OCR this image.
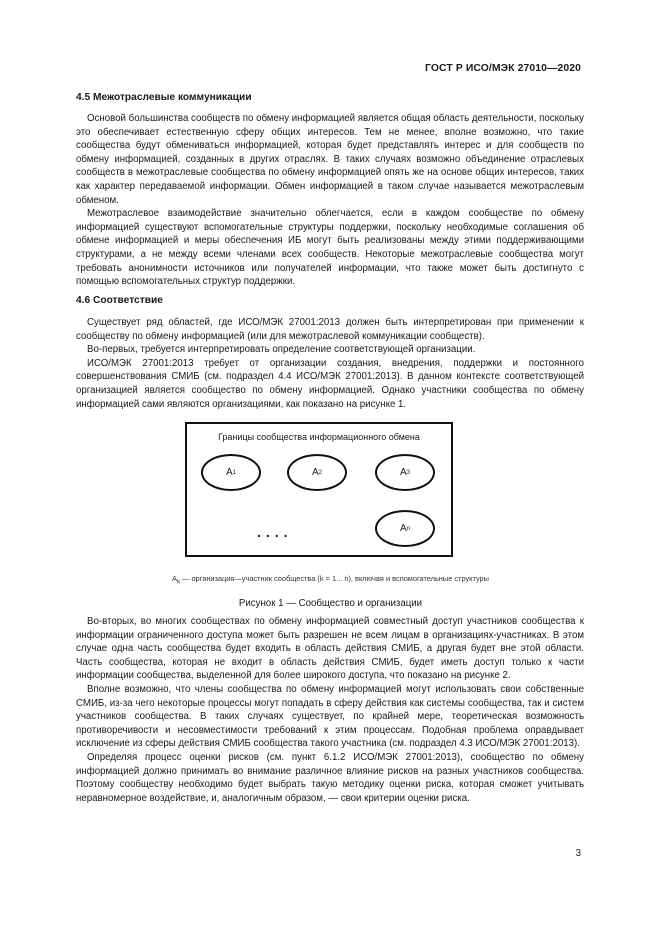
ГОСТ Р ИСО/МЭК 27010—2020
4.5 Межотраслевые коммуникации

Основой большинства сообществ по обмену информацией является общая область деятельности, поскольку это обеспечивает естественную сферу общих интересов. Тем не менее, вполне возможно, что такие сообщества будут обмениваться информацией, которая будет представлять интерес и для сообществ по обмену информацией, созданных в других отраслях. В таких случаях возможно объединение отраслевых сообществ в межотраслевые сообщества по обмену информацией опять же на основе общих интересов, таких как характер передаваемой информации. Обмен информацией в таком случае называется межотраслевым обменом.

Межотраслевое взаимодействие значительно облегчается, если в каждом сообществе по обмену информацией существуют вспомогательные структуры поддержки, поскольку необходимые соглашения об обмене информацией и меры обеспечения ИБ могут быть реализованы между этими поддерживающими структурами, а не между всеми членами всех сообществ. Некоторые межотраслевые сообщества могут требовать анонимности источников или получателей информации, что также может быть достигнуто с помощью вспомогательных структур поддержки.

4.6 Соответствие

Существует ряд областей, где ИСО/МЭК 27001:2013 должен быть интерпретирован при применении к сообществу по обмену информацией (или для межотраслевой коммуникации сообществ).

Во-первых, требуется интерпретировать определение соответствующей организации.

ИСО/МЭК 27001:2013 требует от организации создания, внедрения, поддержки и постоянного совершенствования СМИБ (см. подраздел 4.4 ИСО/МЭК 27001:2013). В данном контексте соответствующей организацией является сообщество по обмену информацией. Однако участники сообщества по обмену информацией сами являются организациями, как показано на рисунке 1.

Границы сообщества информационного обмена
A 1	A 2	A 3
A n
....
$A_k$ — организация—участник сообщества (k = 1... n), включая и вспомогательные структуры
Рисунок 1 — Сообщество и организации

Во-вторых, во многих сообществах по обмену информацией совместный доступ участников сообщества к информации ограниченного доступа может быть разрешен не всем лицам в организациях-участниках. В этом случае одна часть сообщества будет входить в область действия СМИБ, а другая будет вне этой области. Часть сообщества, которая не входит в область действия СМИБ, будет иметь доступ только к части информации сообщества, выделенной для более широкого доступа, что показано на рисунке 2.

Вполне возможно, что члены сообщества по обмену информацией могут использовать свои собственные СМИБ, из-за чего некоторые процессы могут попадать в сферу действия как системы сообщества, так и систем участников сообщества. В таких случаях существует, по крайней мере, теоретическая возможность противоречивости и несовместимости требований к этим процессам. Подобная проблема оправдывает исключение из сферы действия СМИБ сообщества такого участника (см. подраздел 4.3 ИСО/МЭК 27001:2013).

Определяя процесс оценки рисков (см. пункт 6.1.2 ИСО/МЭК 27001:2013), сообщество по обмену информацией должно принимать во внимание различное влияние рисков на разных участников сообщества. Поэтому сообществу необходимо будет выбрать такую методику оценки риска, которая сможет учитывать неравномерное воздействие, и, аналогичным образом, — свои критерии оценки риска.

3
